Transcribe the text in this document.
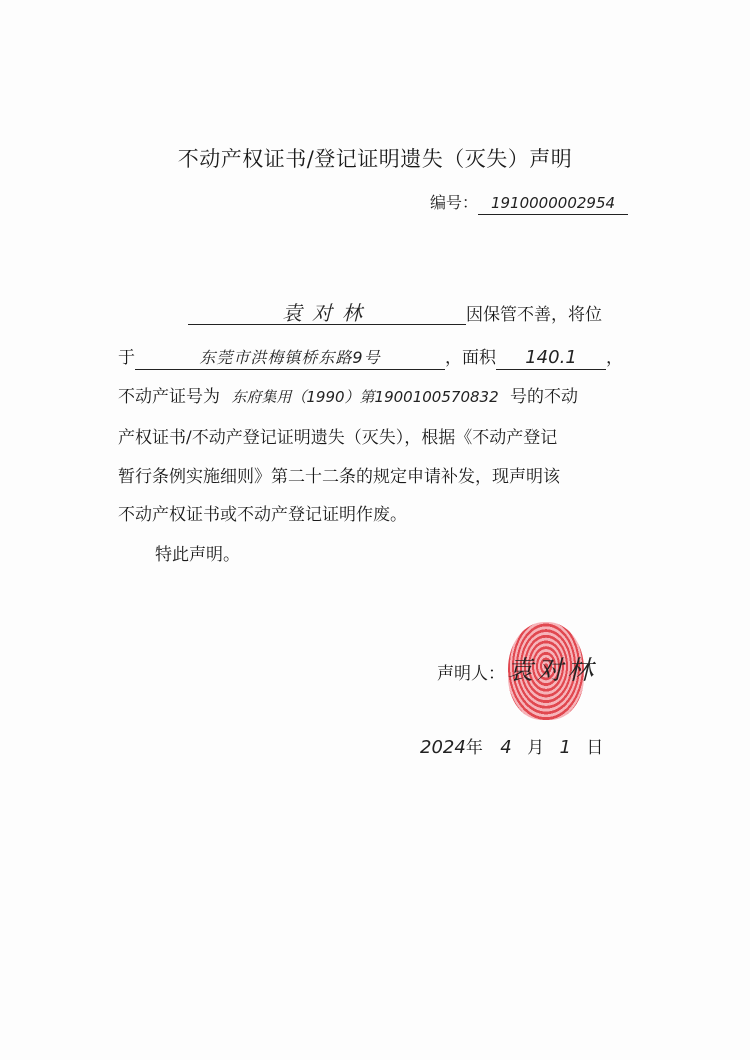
不动产权证书/登记证明遗失（灭失）声明
编号： 1910000002954
袁对林	因保管不善，将位
于	东莞市洪梅镇桥东路9号	，面积 140.1 ，
不动产证号为 东府集用（1990）第1900100570832 号的不动
产权证书/不动产登记证明遗失（灭失），根据《不动产登记
暂行条例实施细则》第二十二条的规定申请补发，现声明该
不动产权证书或不动产登记证明作废。
特此声明。
声明人：袁对林
2024年 4 月 1 日
